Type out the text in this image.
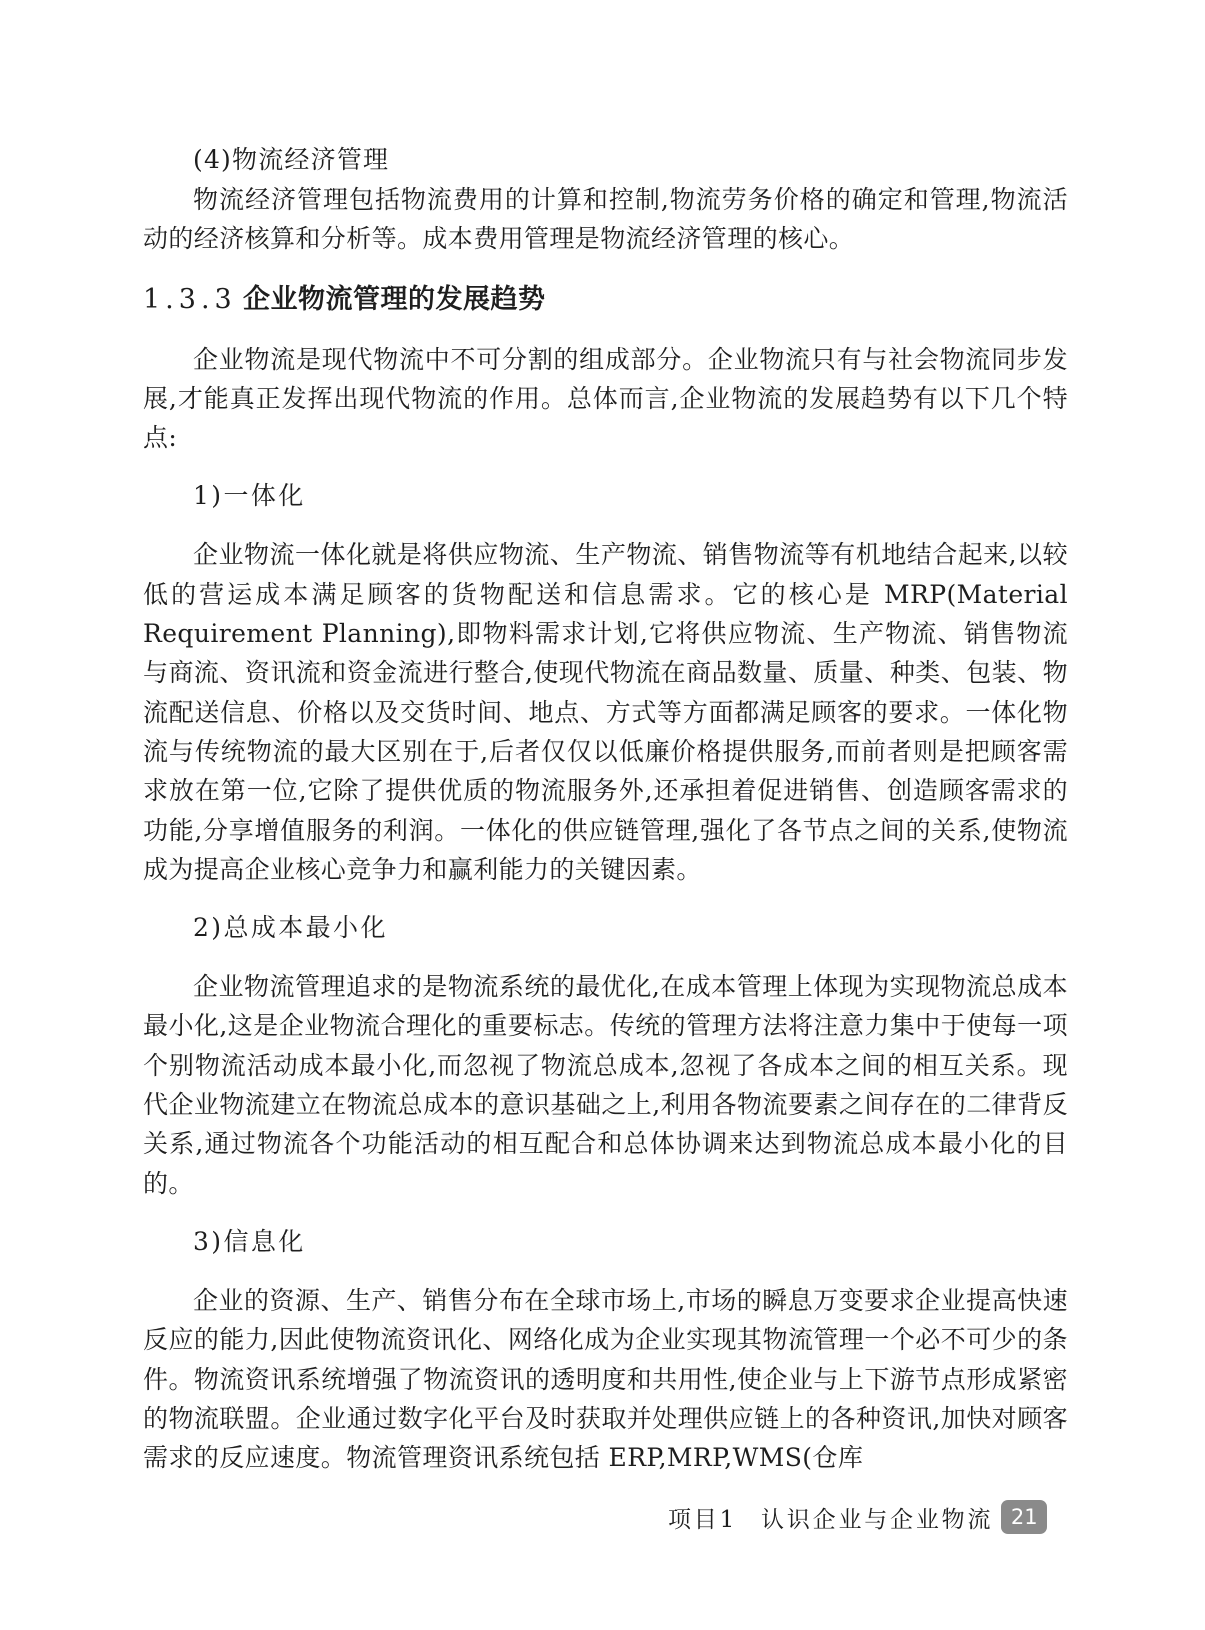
(4)物流经济管理

物流经济管理包括物流费用的计算和控制,物流劳务价格的确定和管理,物流活动的经济核算和分析等。成本费用管理是物流经济管理的核心。

1.3.3 企业物流管理的发展趋势

企业物流是现代物流中不可分割的组成部分。企业物流只有与社会物流同步发展,才能真正发挥出现代物流的作用。总体而言,企业物流的发展趋势有以下几个特点:

1)一体化

企业物流一体化就是将供应物流、生产物流、销售物流等有机地结合起来,以较低的营运成本满足顾客的货物配送和信息需求。它的核心是 MRP(Material Requirement Planning),即物料需求计划,它将供应物流、生产物流、销售物流与商流、资讯流和资金流进行整合,使现代物流在商品数量、质量、种类、包装、物流配送信息、价格以及交货时间、地点、方式等方面都满足顾客的要求。一体化物流与传统物流的最大区别在于,后者仅仅以低廉价格提供服务,而前者则是把顾客需求放在第一位,它除了提供优质的物流服务外,还承担着促进销售、创造顾客需求的功能,分享增值服务的利润。一体化的供应链管理,强化了各节点之间的关系,使物流成为提高企业核心竞争力和赢利能力的关键因素。

2)总成本最小化

企业物流管理追求的是物流系统的最优化,在成本管理上体现为实现物流总成本最小化,这是企业物流合理化的重要标志。传统的管理方法将注意力集中于使每一项个别物流活动成本最小化,而忽视了物流总成本,忽视了各成本之间的相互关系。现代企业物流建立在物流总成本的意识基础之上,利用各物流要素之间存在的二律背反关系,通过物流各个功能活动的相互配合和总体协调来达到物流总成本最小化的目的。

3)信息化

企业的资源、生产、销售分布在全球市场上,市场的瞬息万变要求企业提高快速反应的能力,因此使物流资讯化、网络化成为企业实现其物流管理一个必不可少的条件。物流资讯系统增强了物流资讯的透明度和共用性,使企业与上下游节点形成紧密的物流联盟。企业通过数字化平台及时获取并处理供应链上的各种资讯,加快对顾客需求的反应速度。物流管理资讯系统包括 ERP,MRP,WMS(仓库

项目1 认识企业与企业物流 21
